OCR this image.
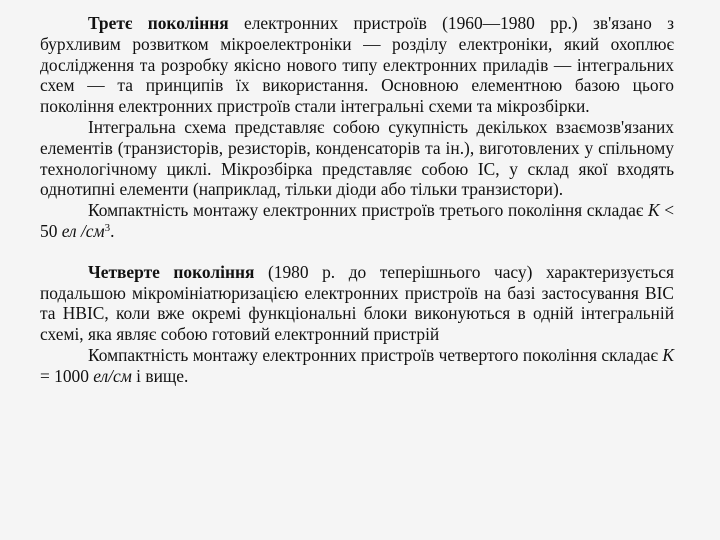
Третє покоління електронних пристроїв (1960—1980 рр.) зв'язано з бурхливим розвитком мікроелектроніки — розділу електроніки, який охоплює дослідження та розробку якісно нового типу електронних приладів — інтегральних схем — та принципів їх використання. Основною елементною базою цього покоління електронних пристроїв стали інтегральні схеми та мікрозбірки.

Інтегральна схема представляє собою сукупність декількох взаємозв'язаних елементів (транзисторів, резисторів, конденсаторів та ін.), виготовлених у спільному технологічному циклі. Мікрозбірка представляє собою ІС, у склад якої входять однотипні елементи (наприклад, тільки діоди або тільки транзистори).

Компактність монтажу електронних пристроїв третього покоління складає K < 50 ел $/см^3$.

Четверте покоління (1980 р. до теперішнього часу) характеризується подальшою мікромініатюризацією електронних пристроїв на базі застосування ВІС та НВІС, коли вже окремі функціональні блоки виконуються в одній інтегральній схемі, яка являє собою готовий електронний пристрій

Компактність монтажу електронних пристроїв четвертого покоління складає K = 1000 ел/см і вище.
